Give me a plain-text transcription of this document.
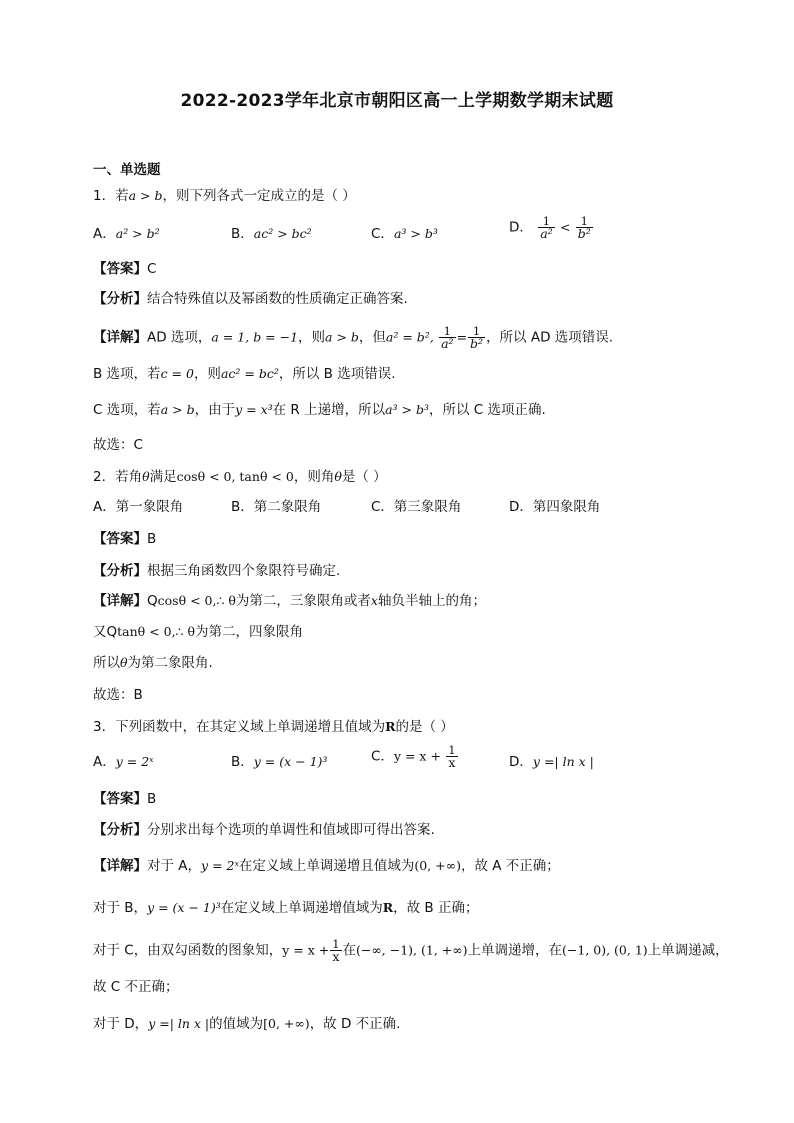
2022-2023学年北京市朝阳区高一上学期数学期末试题
一、单选题
1．若a > b，则下列各式一定成立的是（ ）
A．a² > b²	B．ac² > bc²	C．a³ > b³	D． $\frac{1}{\text{a²}} < \frac{1}{\text{b²}}$
【答案】C
【分析】结合特殊值以及幂函数的性质确定正确答案.
【详解】AD 选项，a = 1, b = −1，则a > b，但a² = b², $\frac{1}{\text{a²}} = \frac{1}{\text{b²}}$ ，所以 AD 选项错误.
B 选项，若c = 0，则ac² = bc²，所以 B 选项错误.
C 选项，若a > b，由于y = x³在 R 上递增，所以a³ > b³，所以 C 选项正确.
故选：C
2．若角θ满足cosθ < 0, tanθ < 0，则角θ是（ ）
A．第一象限角	B．第二象限角	C．第三象限角	D．第四象限角
【答案】B
【分析】根据三角函数四个象限符号确定.
【详解】Qcosθ < 0,∴ θ为第二，三象限角或者x轴负半轴上的角；
又Qtanθ < 0,∴ θ为第二，四象限角
所以θ为第二象限角.
故选：B
3．下列函数中，在其定义域上单调递增且值域为R的是（ ）
A．y = 2ˣ	B．y = (x − 1)³	C．$y = x + \frac{1}{x}$	D．y =| ln x |
【答案】B
【分析】分别求出每个选项的单调性和值域即可得出答案.
【详解】对于 A，y = 2ˣ在定义域上单调递增且值域为(0, +∞)，故 A 不正确；
对于 B，y = (x − 1)³在定义域上单调递增值域为R，故 B 正确；
对于 C，由双勾函数的图象知，$y = x + \frac{1}{x}$ 在(−∞, −1), (1, +∞)上单调递增，在(−1, 0), (0, 1)上单调递减，
故 C 不正确；
对于 D，y =| ln x |的值域为[0, +∞)，故 D 不正确.
